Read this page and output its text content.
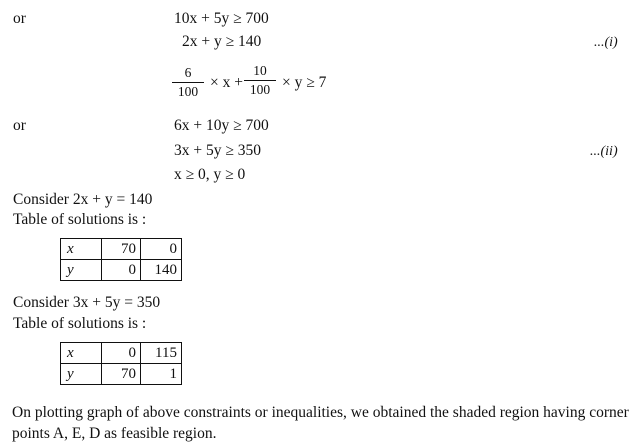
or	10x + 5y ≥ 700
2x + y ≥ 140	...(i)
6
100 × x +
10
100 × y ≥ 7
or	6x + 10y ≥ 700
3x + 5y ≥ 350	...(ii)
x ≥ 0, y ≥ 0
Consider 2x + y = 140
Table of solutions is :
x	70	0
y	0	140
Consider 3x + 5y = 350
Table of solutions is :
x	0	115
y	70	1
On plotting graph of above constraints or inequalities, we obtained the shaded region having corner points A, E, D as feasible region.
